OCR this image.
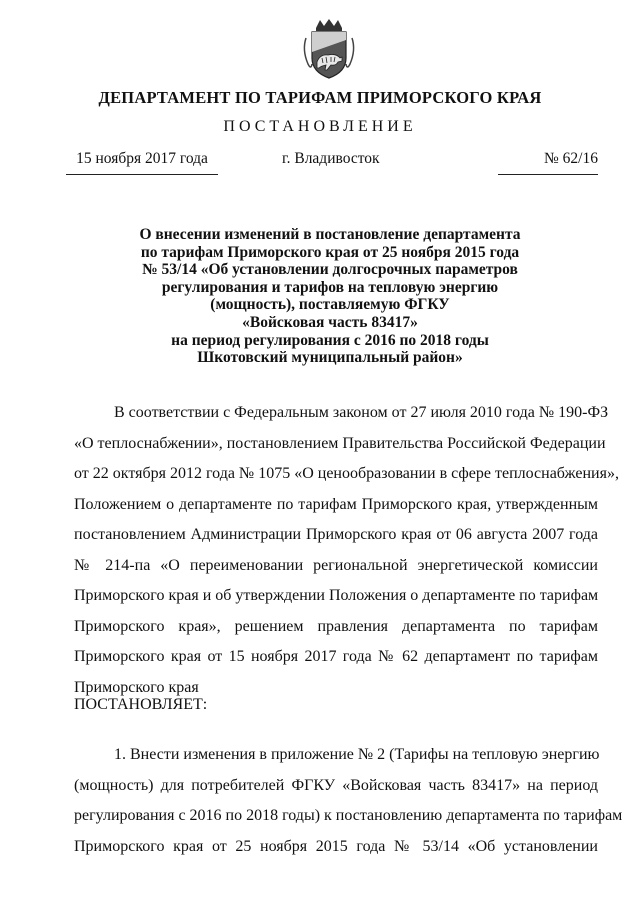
ДЕПАРТАМЕНТ ПО ТАРИФАМ ПРИМОРСКОГО КРАЯ
ПОСТАНОВЛЕНИЕ
15 ноября 2017 года	г. Владивосток	№ 62/16
О внесении изменений в постановление департамента
по тарифам Приморского края от 25 ноября 2015 года
№ 53/14 «Об установлении долгосрочных параметров
регулирования и тарифов на тепловую энергию
(мощность), поставляемую ФГКУ
«Войсковая часть 83417»
на период регулирования с 2016 по 2018 годы
Шкотовский муниципальный район»
В соответствии с Федеральным законом от 27 июля 2010 года № 190-ФЗ
«О теплоснабжении», постановлением Правительства Российской Федерации
от 22 октября 2012 года № 1075 «О ценообразовании в сфере теплоснабжения»,
Положением о департаменте по тарифам Приморского края, утвержденным
постановлением Администрации Приморского края от 06 августа 2007 года
№ 214-па «О переименовании региональной энергетической комиссии
Приморского края и об утверждении Положения о департаменте по тарифам
Приморского края», решением правления департамента по тарифам
Приморского края от 15 ноября 2017 года № 62 департамент по тарифам
Приморского края
ПОСТАНОВЛЯЕТ:
1. Внести изменения в приложение № 2 (Тарифы на тепловую энергию
(мощность) для потребителей ФГКУ «Войсковая часть 83417» на период
регулирования с 2016 по 2018 годы) к постановлению департамента по тарифам
Приморского края от 25 ноября 2015 года № 53/14 «Об установлении
